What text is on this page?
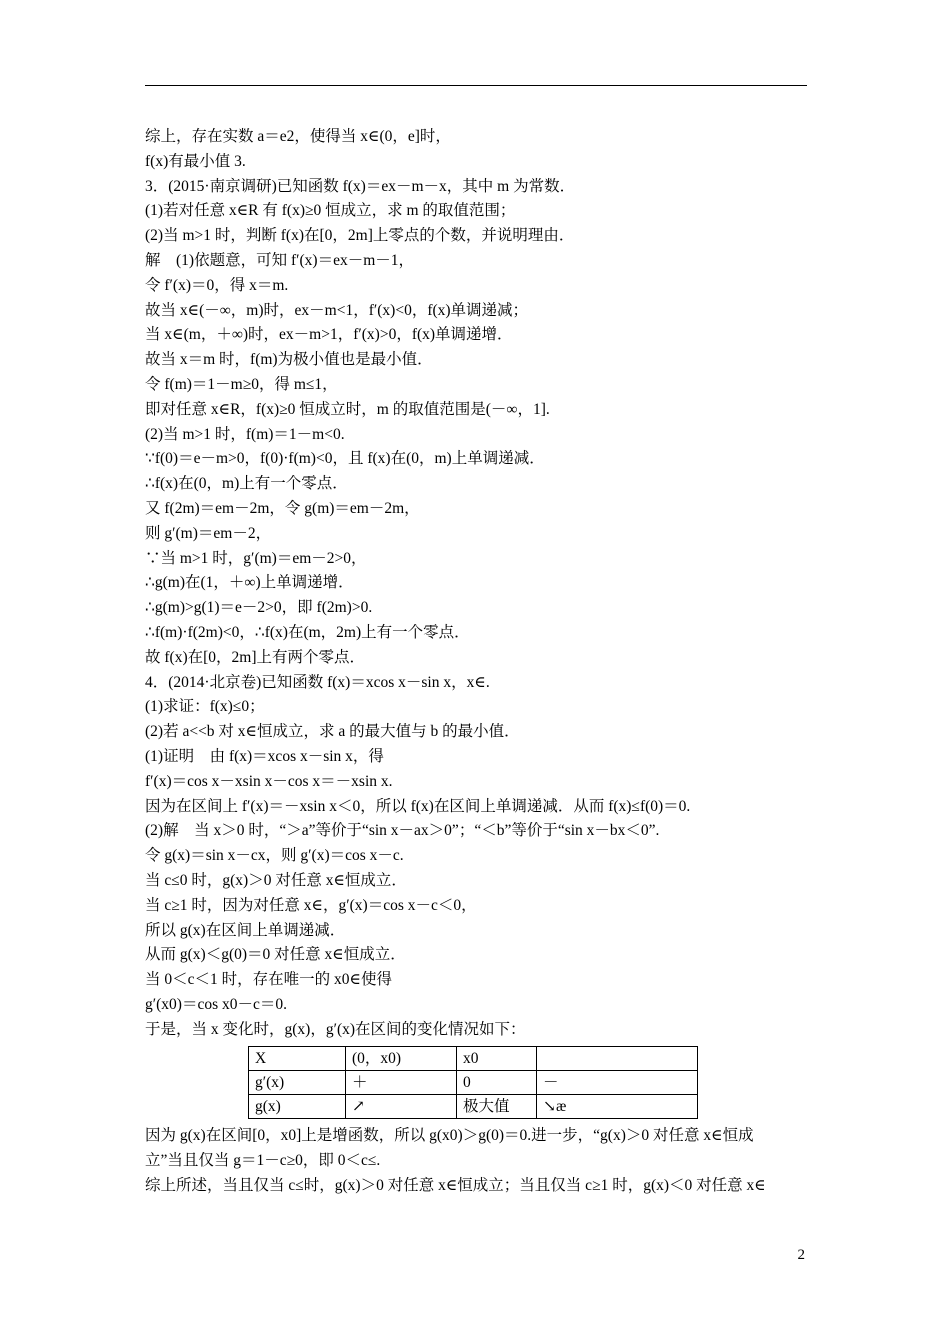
综上，存在实数 a＝e2，使得当 x∈(0，e]时，
f(x)有最小值 3.
3．(2015·南京调研)已知函数 f(x)＝ex－m－x，其中 m 为常数．
(1)若对任意 x∈R 有 f(x)≥0 恒成立，求 m 的取值范围；
(2)当 m>1 时，判断 f(x)在[0，2m]上零点的个数，并说明理由．
解　(1)依题意，可知 f′(x)＝ex－m－1，
令 f′(x)＝0，得 x＝m.
故当 x∈(－∞，m)时，ex－m<1，f′(x)<0，f(x)单调递减；
当 x∈(m，＋∞)时，ex－m>1，f′(x)>0，f(x)单调递增．
故当 x＝m 时，f(m)为极小值也是最小值．
令 f(m)＝1－m≥0，得 m≤1，
即对任意 x∈R，f(x)≥0 恒成立时，m 的取值范围是(－∞，1].
(2)当 m>1 时，f(m)＝1－m<0.
∵f(0)＝e－m>0，f(0)·f(m)<0，且 f(x)在(0，m)上单调递减．
∴f(x)在(0，m)上有一个零点．
又 f(2m)＝em－2m，令 g(m)＝em－2m，
则 g′(m)＝em－2，
∵当 m>1 时，g′(m)＝em－2>0，
∴g(m)在(1，＋∞)上单调递增．
∴g(m)>g(1)＝e－2>0，即 f(2m)>0.
∴f(m)·f(2m)<0，∴f(x)在(m，2m)上有一个零点．
故 f(x)在[0，2m]上有两个零点．
4．(2014·北京卷)已知函数 f(x)＝xcos x－sin x，x∈.
(1)求证：f(x)≤0；
(2)若 a<<b 对 x∈恒成立，求 a 的最大值与 b 的最小值．
(1)证明　由 f(x)＝xcos x－sin x，得
f′(x)＝cos x－xsin x－cos x＝－xsin x.
因为在区间上 f′(x)＝－xsin x＜0，所以 f(x)在区间上单调递减．从而 f(x)≤f(0)＝0.
(2)解　当 x＞0 时，“＞a”等价于“sin x－ax＞0”；“＜b”等价于“sin x－bx＜0”.
令 g(x)＝sin x－cx，则 g′(x)＝cos x－c.
当 c≤0 时，g(x)＞0 对任意 x∈恒成立．
当 c≥1 时，因为对任意 x∈，g′(x)＝cos x－c＜0，
所以 g(x)在区间上单调递减．
从而 g(x)＜g(0)＝0 对任意 x∈恒成立．
当 0＜c＜1 时，存在唯一的 x0∈使得
g′(x0)＝cos x0－c＝0.
于是，当 x 变化时，g(x)，g′(x)在区间的变化情况如下：
X	(0，x0)	x0	
g′(x)	＋	0	－
g(x)	↗	极大值	↘æ
因为 g(x)在区间[0，x0]上是增函数，所以 g(x0)＞g(0)＝0.进一步，“g(x)＞0 对任意 x∈恒成
立”当且仅当 g＝1－c≥0，即 0＜c≤.
综上所述，当且仅当 c≤时，g(x)＞0 对任意 x∈恒成立；当且仅当 c≥1 时，g(x)＜0 对任意 x∈
2
